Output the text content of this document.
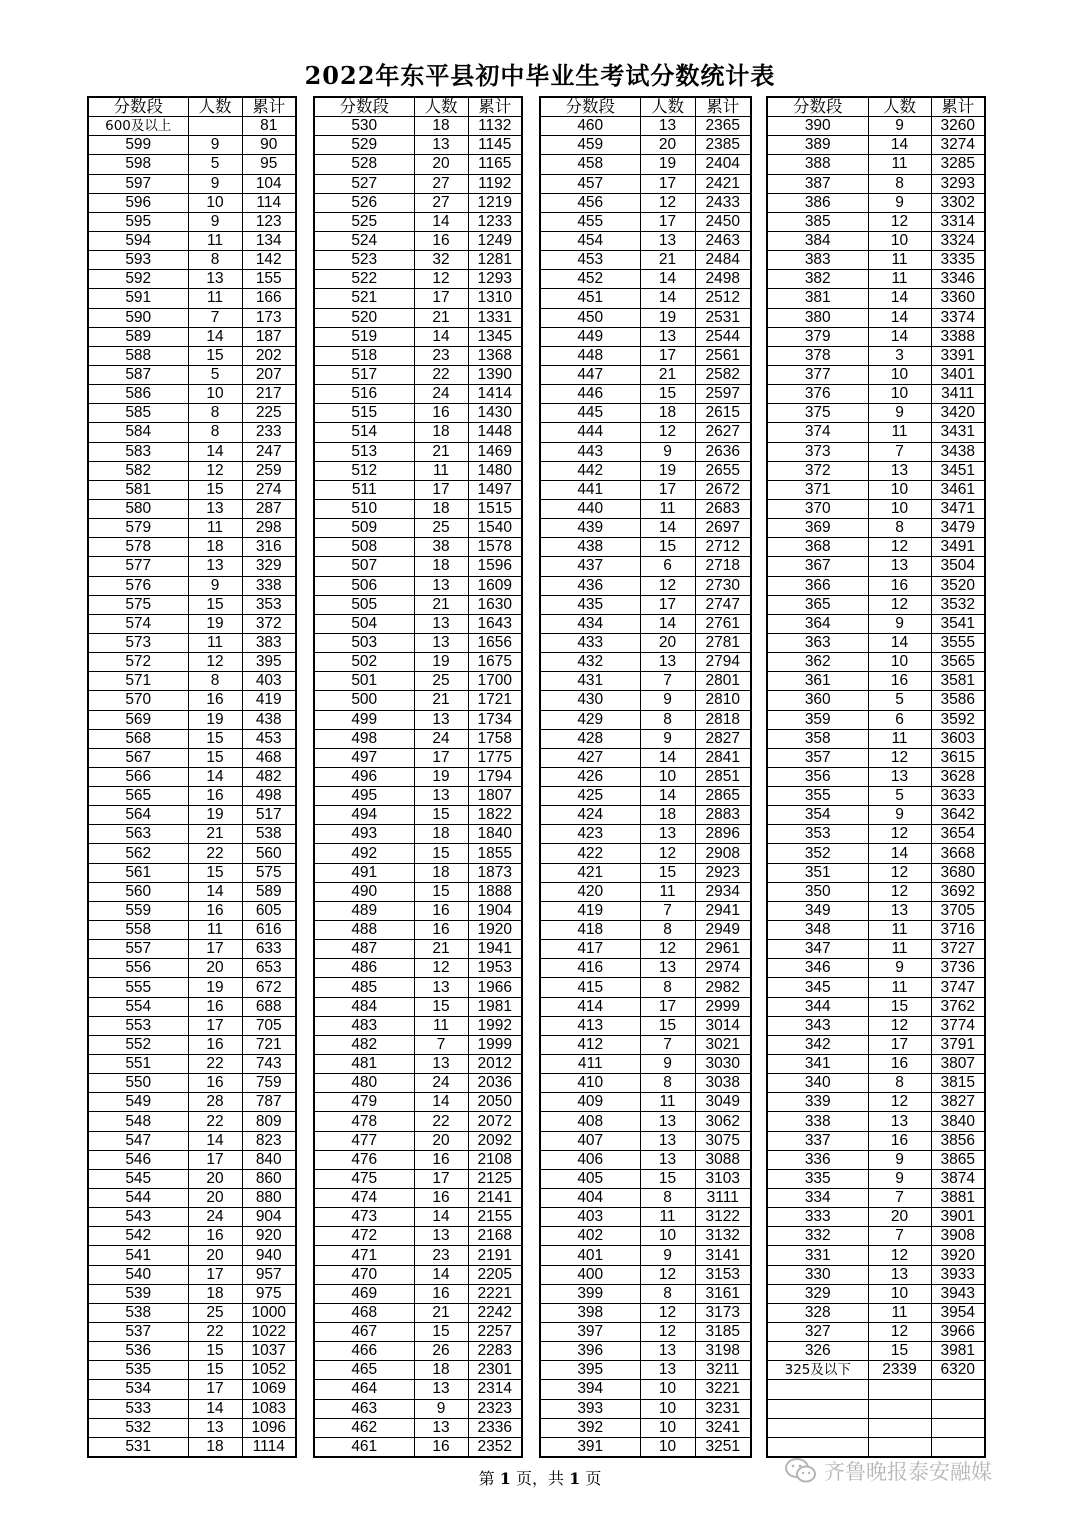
2022年东平县初中毕业生考试分数统计表
分数段	人数	累计
600及以上		81
599	9	90
598	5	95
597	9	104
596	10	114
595	9	123
594	11	134
593	8	142
592	13	155
591	11	166
590	7	173
589	14	187
588	15	202
587	5	207
586	10	217
585	8	225
584	8	233
583	14	247
582	12	259
581	15	274
580	13	287
579	11	298
578	18	316
577	13	329
576	9	338
575	15	353
574	19	372
573	11	383
572	12	395
571	8	403
570	16	419
569	19	438
568	15	453
567	15	468
566	14	482
565	16	498
564	19	517
563	21	538
562	22	560
561	15	575
560	14	589
559	16	605
558	11	616
557	17	633
556	20	653
555	19	672
554	16	688
553	17	705
552	16	721
551	22	743
550	16	759
549	28	787
548	22	809
547	14	823
546	17	840
545	20	860
544	20	880
543	24	904
542	16	920
541	20	940
540	17	957
539	18	975
538	25	1000
537	22	1022
536	15	1037
535	15	1052
534	17	1069
533	14	1083
532	13	1096
531	18	1114
分数段	人数	累计
530	18	1132
529	13	1145
528	20	1165
527	27	1192
526	27	1219
525	14	1233
524	16	1249
523	32	1281
522	12	1293
521	17	1310
520	21	1331
519	14	1345
518	23	1368
517	22	1390
516	24	1414
515	16	1430
514	18	1448
513	21	1469
512	11	1480
511	17	1497
510	18	1515
509	25	1540
508	38	1578
507	18	1596
506	13	1609
505	21	1630
504	13	1643
503	13	1656
502	19	1675
501	25	1700
500	21	1721
499	13	1734
498	24	1758
497	17	1775
496	19	1794
495	13	1807
494	15	1822
493	18	1840
492	15	1855
491	18	1873
490	15	1888
489	16	1904
488	16	1920
487	21	1941
486	12	1953
485	13	1966
484	15	1981
483	11	1992
482	7	1999
481	13	2012
480	24	2036
479	14	2050
478	22	2072
477	20	2092
476	16	2108
475	17	2125
474	16	2141
473	14	2155
472	13	2168
471	23	2191
470	14	2205
469	16	2221
468	21	2242
467	15	2257
466	26	2283
465	18	2301
464	13	2314
463	9	2323
462	13	2336
461	16	2352
分数段	人数	累计
460	13	2365
459	20	2385
458	19	2404
457	17	2421
456	12	2433
455	17	2450
454	13	2463
453	21	2484
452	14	2498
451	14	2512
450	19	2531
449	13	2544
448	17	2561
447	21	2582
446	15	2597
445	18	2615
444	12	2627
443	9	2636
442	19	2655
441	17	2672
440	11	2683
439	14	2697
438	15	2712
437	6	2718
436	12	2730
435	17	2747
434	14	2761
433	20	2781
432	13	2794
431	7	2801
430	9	2810
429	8	2818
428	9	2827
427	14	2841
426	10	2851
425	14	2865
424	18	2883
423	13	2896
422	12	2908
421	15	2923
420	11	2934
419	7	2941
418	8	2949
417	12	2961
416	13	2974
415	8	2982
414	17	2999
413	15	3014
412	7	3021
411	9	3030
410	8	3038
409	11	3049
408	13	3062
407	13	3075
406	13	3088
405	15	3103
404	8	3111
403	11	3122
402	10	3132
401	9	3141
400	12	3153
399	8	3161
398	12	3173
397	12	3185
396	13	3198
395	13	3211
394	10	3221
393	10	3231
392	10	3241
391	10	3251
分数段	人数	累计
390	9	3260
389	14	3274
388	11	3285
387	8	3293
386	9	3302
385	12	3314
384	10	3324
383	11	3335
382	11	3346
381	14	3360
380	14	3374
379	14	3388
378	3	3391
377	10	3401
376	10	3411
375	9	3420
374	11	3431
373	7	3438
372	13	3451
371	10	3461
370	10	3471
369	8	3479
368	12	3491
367	13	3504
366	16	3520
365	12	3532
364	9	3541
363	14	3555
362	10	3565
361	16	3581
360	5	3586
359	6	3592
358	11	3603
357	12	3615
356	13	3628
355	5	3633
354	9	3642
353	12	3654
352	14	3668
351	12	3680
350	12	3692
349	13	3705
348	11	3716
347	11	3727
346	9	3736
345	11	3747
344	15	3762
343	12	3774
342	17	3791
341	16	3807
340	8	3815
339	12	3827
338	13	3840
337	16	3856
336	9	3865
335	9	3874
334	7	3881
333	20	3901
332	7	3908
331	12	3920
330	13	3933
329	10	3943
328	11	3954
327	12	3966
326	15	3981
325及以下	2339	6320

第 1 页，共 1 页	齐鲁晚报泰安融媒
